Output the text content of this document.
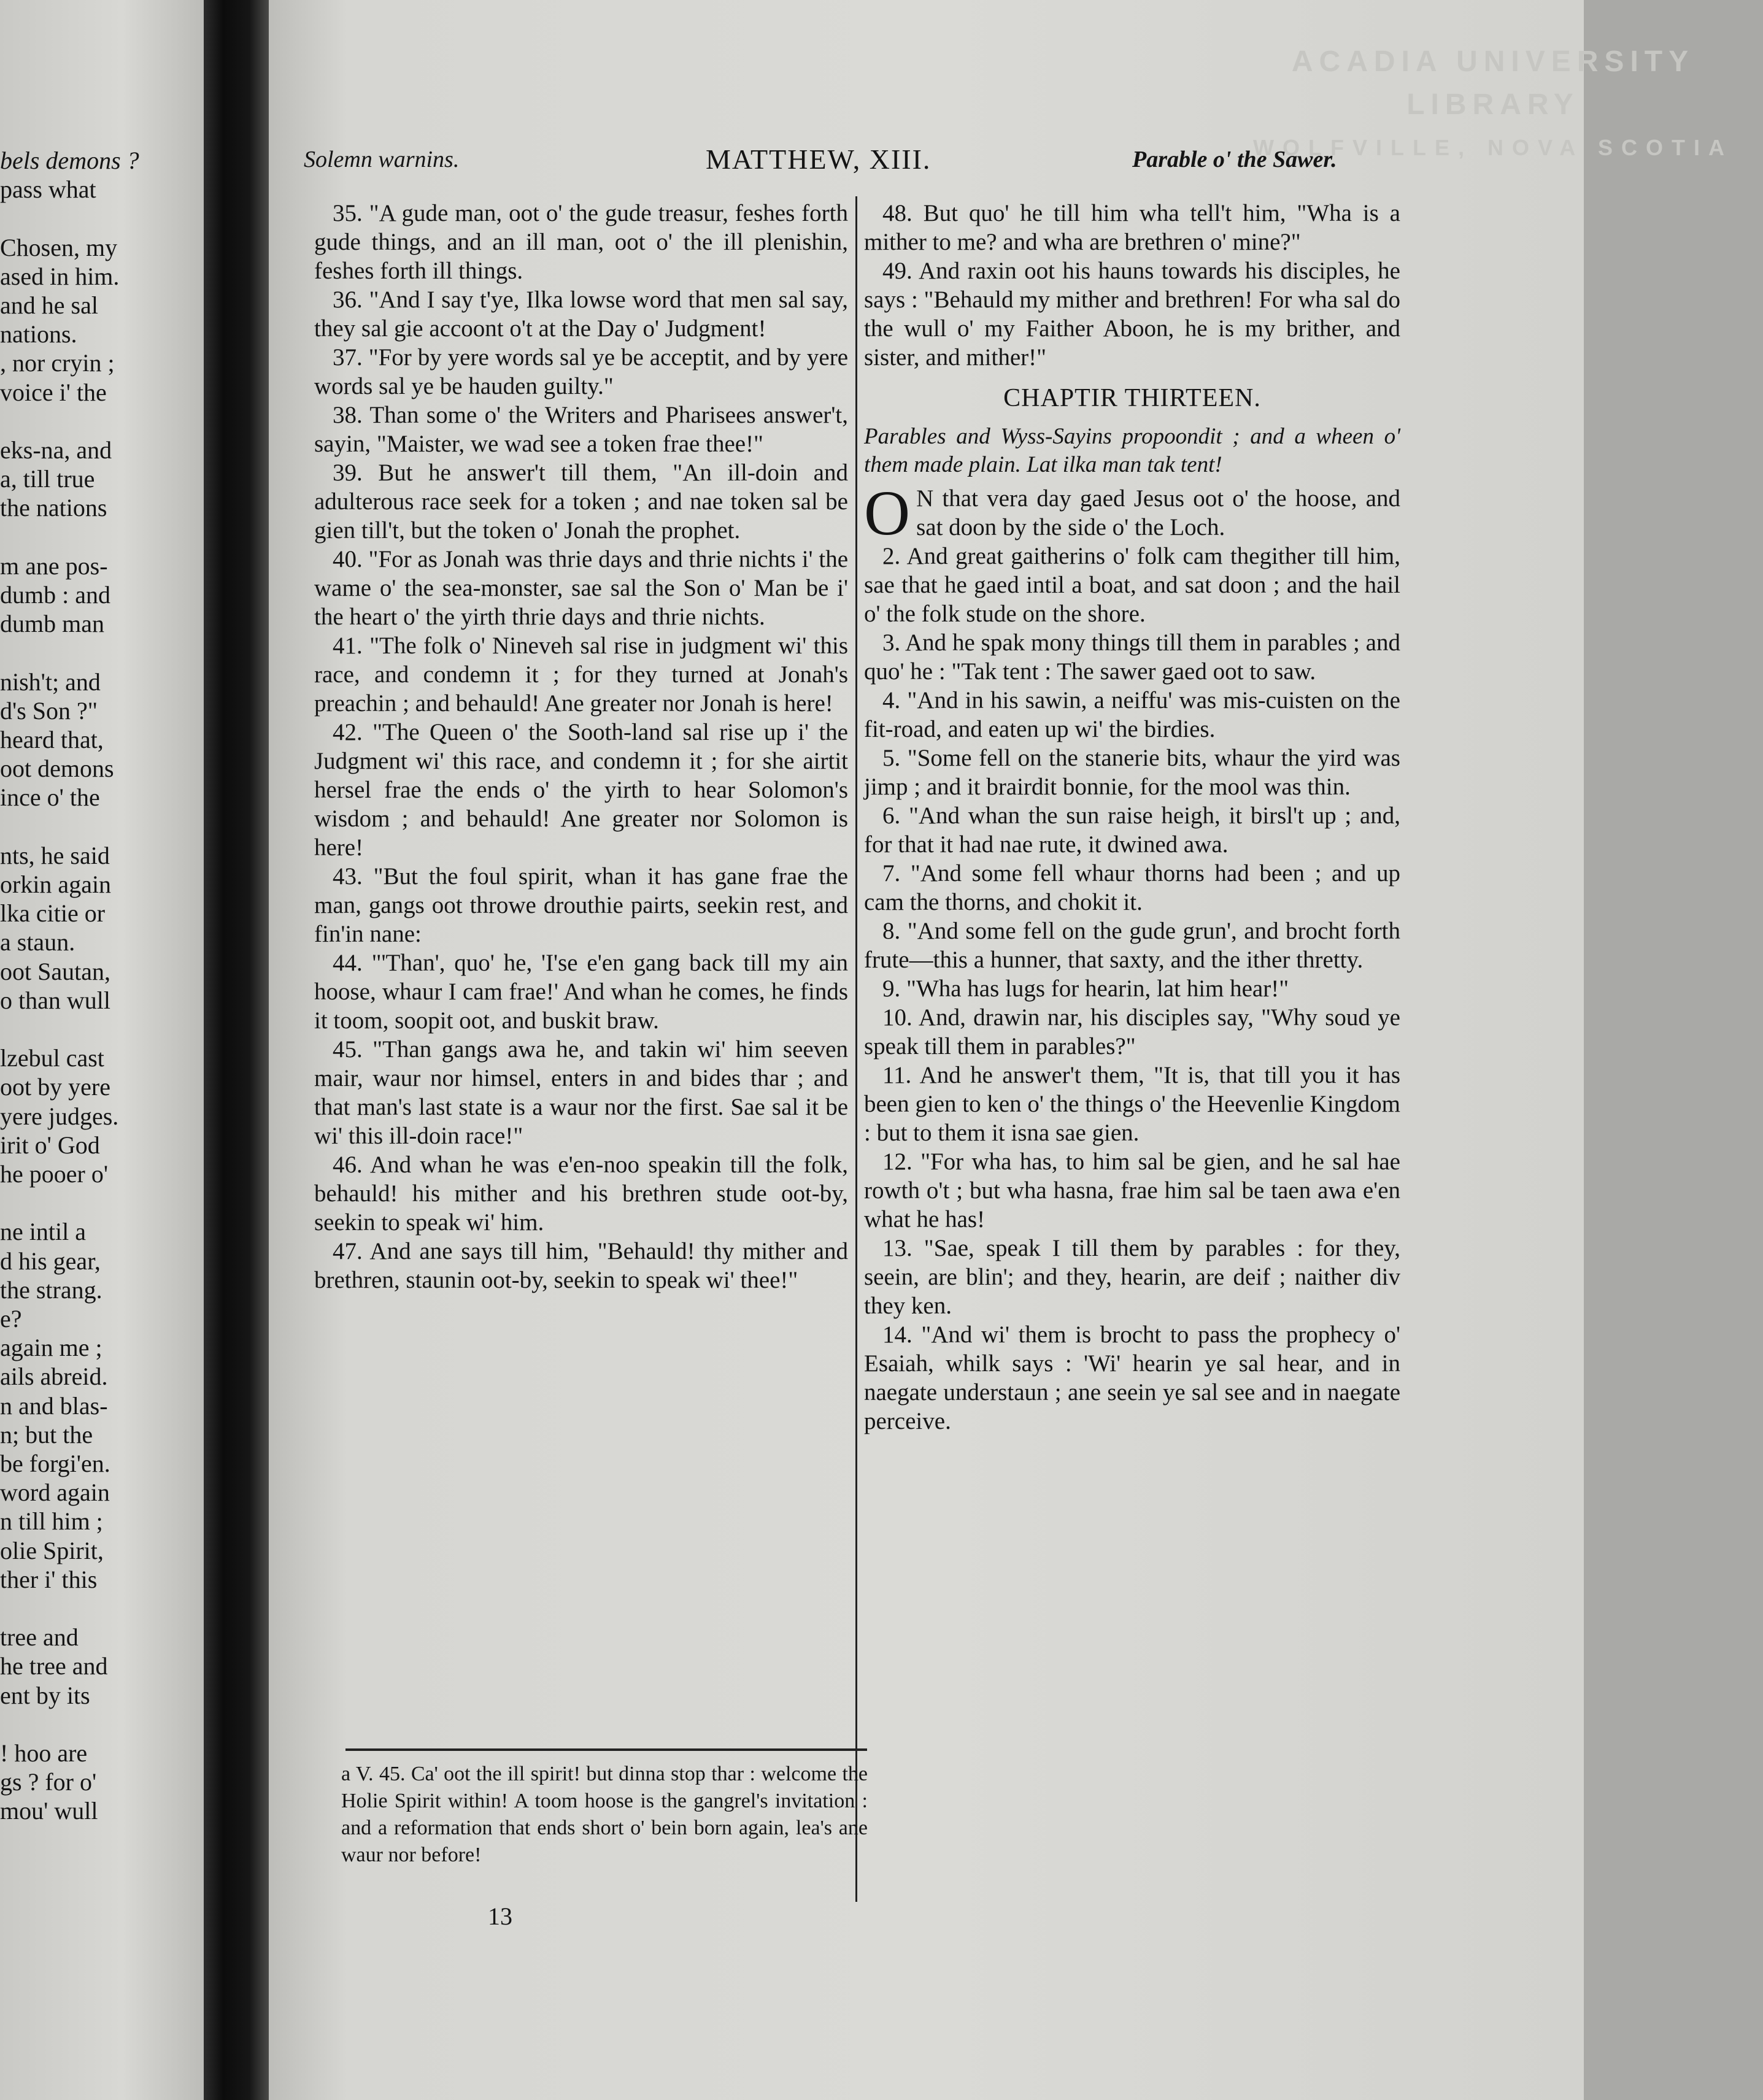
bels demons ?
pass what
Chosen, my
ased in him.
and he sal
nations.
, nor cryin ;
voice i' the
eks-na, and
a, till true
the nations
m ane pos-
dumb : and
dumb man
nish't; and
d's Son ?"
heard that,
oot demons
ince o' the
nts, he said
orkin again
lka citie or
a staun.
oot Sautan,
o than wull
lzebul cast
oot by yere
yere judges.
irit o' God
he pooer o'
ne intil a
d his gear,
the strang.
e?
again me ;
ails abreid.
n and blas-
n; but the
be forgi'en.
word again
n till him ;
olie Spirit,
ther i' this
tree and
he tree and
ent by its
! hoo are
gs ? for o'
mou' wull
ACADIA UNIVERSITY LIBRARY
WOLFVILLE, NOVA SCOTIA
Solemn warnins.	MATTHEW, XIII.	Parable o' the Sawer.
35. "A gude man, oot o' the gude treasur, feshes forth gude things, and an ill man, oot o' the ill plenishin, feshes forth ill things.
36. "And I say t'ye, Ilka lowse word that men sal say, they sal gie accoont o't at the Day o' Judgment!
37. "For by yere words sal ye be acceptit, and by yere words sal ye be hauden guilty."
38. Than some o' the Writers and Pharisees answer't, sayin, "Maister, we wad see a token frae thee!"
39. But he answer't till them, "An ill-doin and adulterous race seek for a token ; and nae token sal be gien till't, but the token o' Jonah the prophet.
40. "For as Jonah was thrie days and thrie nichts i' the wame o' the sea-monster, sae sal the Son o' Man be i' the heart o' the yirth thrie days and thrie nichts.
41. "The folk o' Nineveh sal rise in judgment wi' this race, and condemn it ; for they turned at Jonah's preachin ; and behauld! Ane greater nor Jonah is here!
42. "The Queen o' the Sooth-land sal rise up i' the Judgment wi' this race, and condemn it ; for she airtit hersel frae the ends o' the yirth to hear Solomon's wisdom ; and behauld! Ane greater nor Solomon is here!
43. "But the foul spirit, whan it has gane frae the man, gangs oot throwe drouthie pairts, seekin rest, and fin'in nane:
44. "'Than', quo' he, 'I'se e'en gang back till my ain hoose, whaur I cam frae!' And whan he comes, he finds it toom, soopit oot, and buskit braw.
45. "Than gangs awa he, and takin wi' him seeven mair, waur nor himsel, enters in and bides thar ; and that man's last state is a waur nor the first. Sae sal it be wi' this ill-doin race!"
46. And whan he was e'en-noo speakin till the folk, behauld! his mither and his brethren stude oot-by, seekin to speak wi' him.
47. And ane says till him, "Behauld! thy mither and brethren, staunin oot-by, seekin to speak wi' thee!"
48. But quo' he till him wha tell't him, "Wha is a mither to me? and wha are brethren o' mine?"
49. And raxin oot his hauns towards his disciples, he says : "Behauld my mither and brethren! For wha sal do the wull o' my Faither Aboon, he is my brither, and sister, and mither!"
CHAPTIR THIRTEEN.
Parables and Wyss-Sayins propoondit ; and a wheen o' them made plain. Lat ilka man tak tent!
O N that vera day gaed Jesus oot o' the hoose, and sat doon by the side o' the Loch.
2. And great gaitherins o' folk cam thegither till him, sae that he gaed intil a boat, and sat doon ; and the hail o' the folk stude on the shore.
3. And he spak mony things till them in parables ; and quo' he : "Tak tent : The sawer gaed oot to saw.
4. "And in his sawin, a neiffu' was mis-cuisten on the fit-road, and eaten up wi' the birdies.
5. "Some fell on the stanerie bits, whaur the yird was jimp ; and it brairdit bonnie, for the mool was thin.
6. "And whan the sun raise heigh, it birsl't up ; and, for that it had nae rute, it dwined awa.
7. "And some fell whaur thorns had been ; and up cam the thorns, and chokit it.
8. "And some fell on the gude grun', and brocht forth frute—this a hunner, that saxty, and the ither thretty.
9. "Wha has lugs for hearin, lat him hear!"
10. And, drawin nar, his disciples say, "Why soud ye speak till them in parables?"
11. And he answer't them, "It is, that till you it has been gien to ken o' the things o' the Heevenlie Kingdom : but to them it isna sae gien.
12. "For wha has, to him sal be gien, and he sal hae rowth o't ; but wha hasna, frae him sal be taen awa e'en what he has!
13. "Sae, speak I till them by parables : for they, seein, are blin'; and they, hearin, are deif ; naither div they ken.
14. "And wi' them is brocht to pass the prophecy o' Esaiah, whilk says : 'Wi' hearin ye sal hear, and in naegate understaun ; ane seein ye sal see and in naegate perceive.
a V. 45. Ca' oot the ill spirit! but dinna stop thar : welcome the Holie Spirit within! A toom hoose is the gangrel's invitation : and a reformation that ends short o' bein born again, lea's ane waur nor before!
13
